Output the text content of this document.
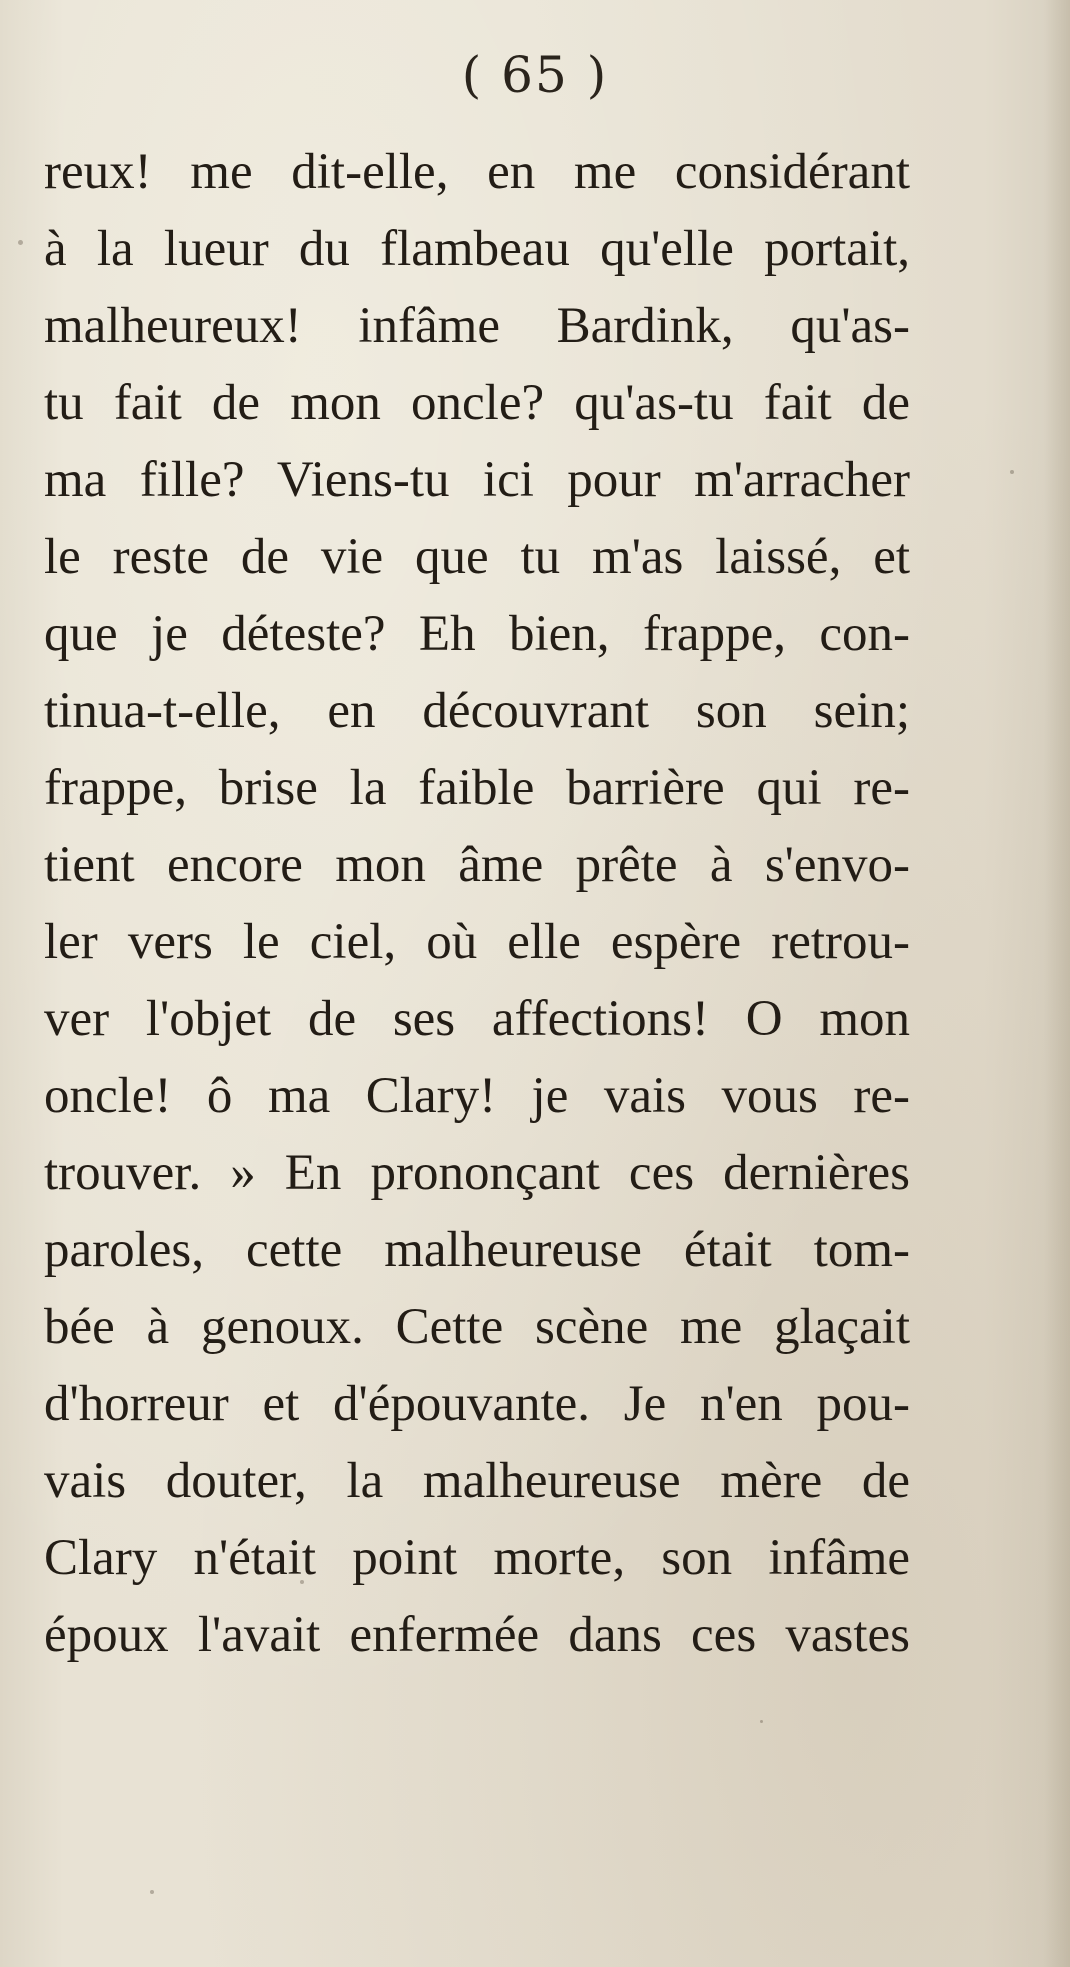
( 65 )
reux! me dit-elle, en me considérant
à la lueur du flambeau qu'elle portait,
malheureux! infâme Bardink, qu'as-
tu fait de mon oncle? qu'as-tu fait de
ma fille? Viens-tu ici pour m'arracher
le reste de vie que tu m'as laissé, et
que je déteste? Eh bien, frappe, con-
tinua-t-elle, en découvrant son sein;
frappe, brise la faible barrière qui re-
tient encore mon âme prête à s'envo-
ler vers le ciel, où elle espère retrou-
ver l'objet de ses affections! O mon
oncle! ô ma Clary! je vais vous re-
trouver. » En prononçant ces dernières
paroles, cette malheureuse était tom-
bée à genoux. Cette scène me glaçait
d'horreur et d'épouvante. Je n'en pou-
vais douter, la malheureuse mère de
Clary n'était point morte, son infâme
époux l'avait enfermée dans ces vastes
